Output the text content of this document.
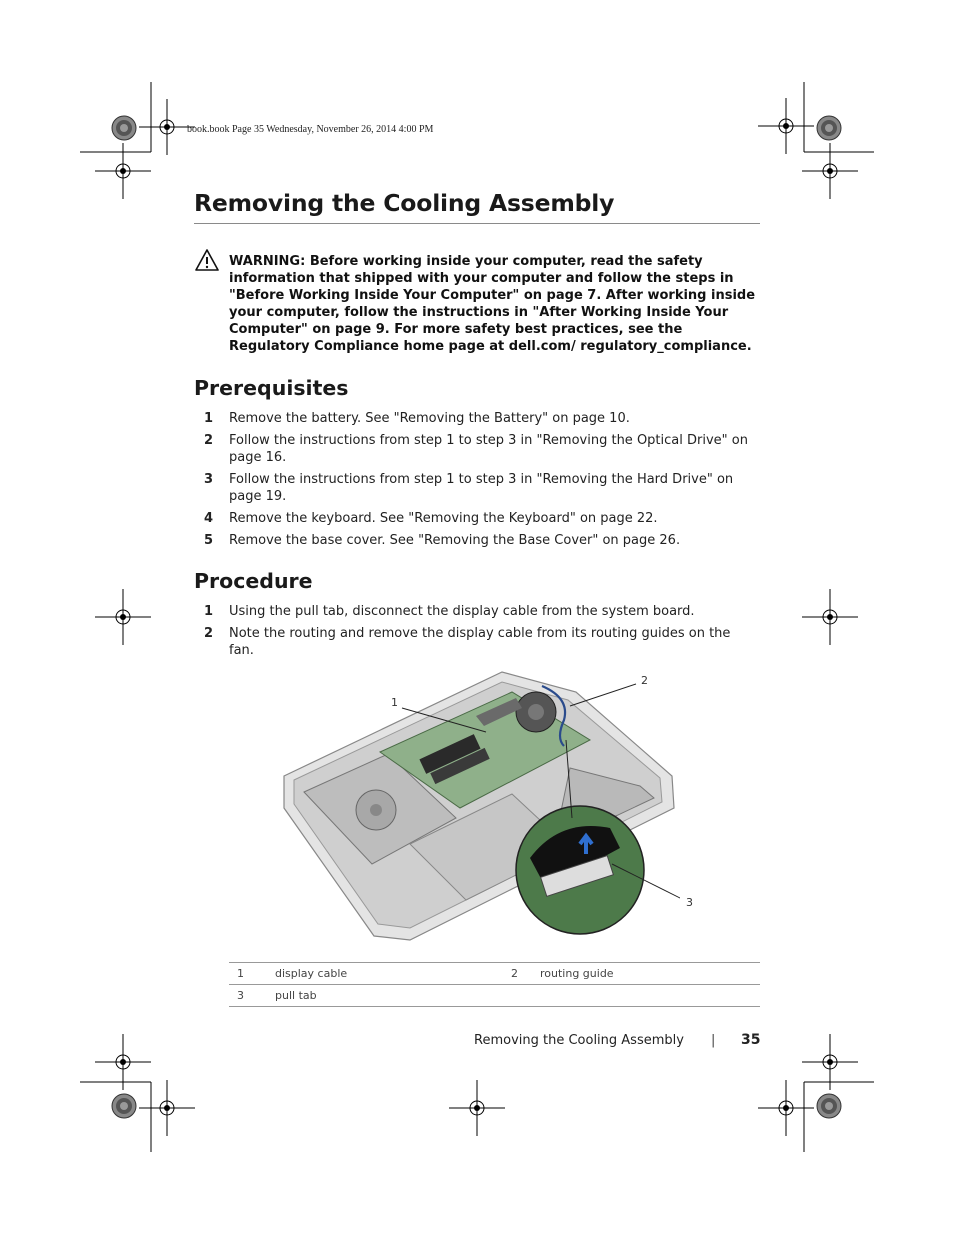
book.book Page 35 Wednesday, November 26, 2014 4:00 PM
Removing the Cooling Assembly
WARNING: Before working inside your computer, read the safety information that shipped with your computer and follow the steps in "Before Working Inside Your Computer" on page 7. After working inside your computer, follow the instructions in "After Working Inside Your Computer" on page 9. For more safety best practices, see the Regulatory Compliance home page at dell.com/ regulatory_compliance.
Prerequisites
1 Remove the battery. See "Removing the Battery" on page 10.
2 Follow the instructions from step 1 to step 3 in "Removing the Optical Drive" on page 16.
3 Follow the instructions from step 1 to step 3 in "Removing the Hard Drive" on page 19.
4 Remove the keyboard. See "Removing the Keyboard" on page 22.
5 Remove the base cover. See "Removing the Base Cover" on page 26.
Procedure
1 Using the pull tab, disconnect the display cable from the system board.
2 Note the routing and remove the display cable from its routing guides on the fan.
1
2
3
1	display cable	2	routing guide
3	pull tab		
Removing the Cooling Assembly | 35
